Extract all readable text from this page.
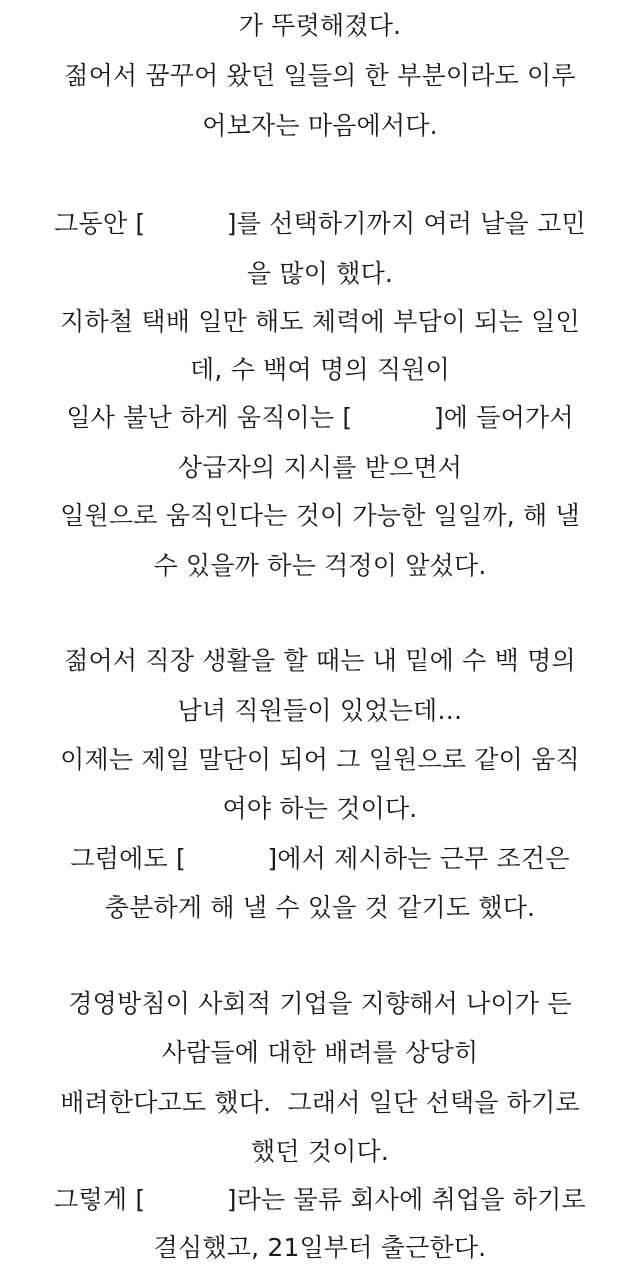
가 뚜렷해졌다.
젊어서 꿈꾸어 왔던 일들의 한 부분이라도 이루
어보자는 마음에서다.
그동안 [          ]를 선택하기까지 여러 날을 고민
을 많이 했다.
지하철 택배 일만 해도 체력에 부담이 되는 일인
데, 수 백여 명의 직원이
일사 불난 하게 움직이는 [          ]에 들어가서
상급자의 지시를 받으면서
일원으로 움직인다는 것이 가능한 일일까, 해 낼
수 있을까 하는 걱정이 앞섰다.
젊어서 직장 생활을 할 때는 내 밑에 수 백 명의
남녀 직원들이 있었는데…
이제는 제일 말단이 되어 그 일원으로 같이 움직
여야 하는 것이다.
그럼에도 [          ]에서 제시하는 근무 조건은
충분하게 해 낼 수 있을 것 같기도 했다.
경영방침이 사회적 기업을 지향해서 나이가 든
사람들에 대한 배려를 상당히
배려한다고도 했다.  그래서 일단 선택을 하기로
했던 것이다.
그렇게 [          ]라는 물류 회사에 취업을 하기로
결심했고, 21일부터 출근한다.
